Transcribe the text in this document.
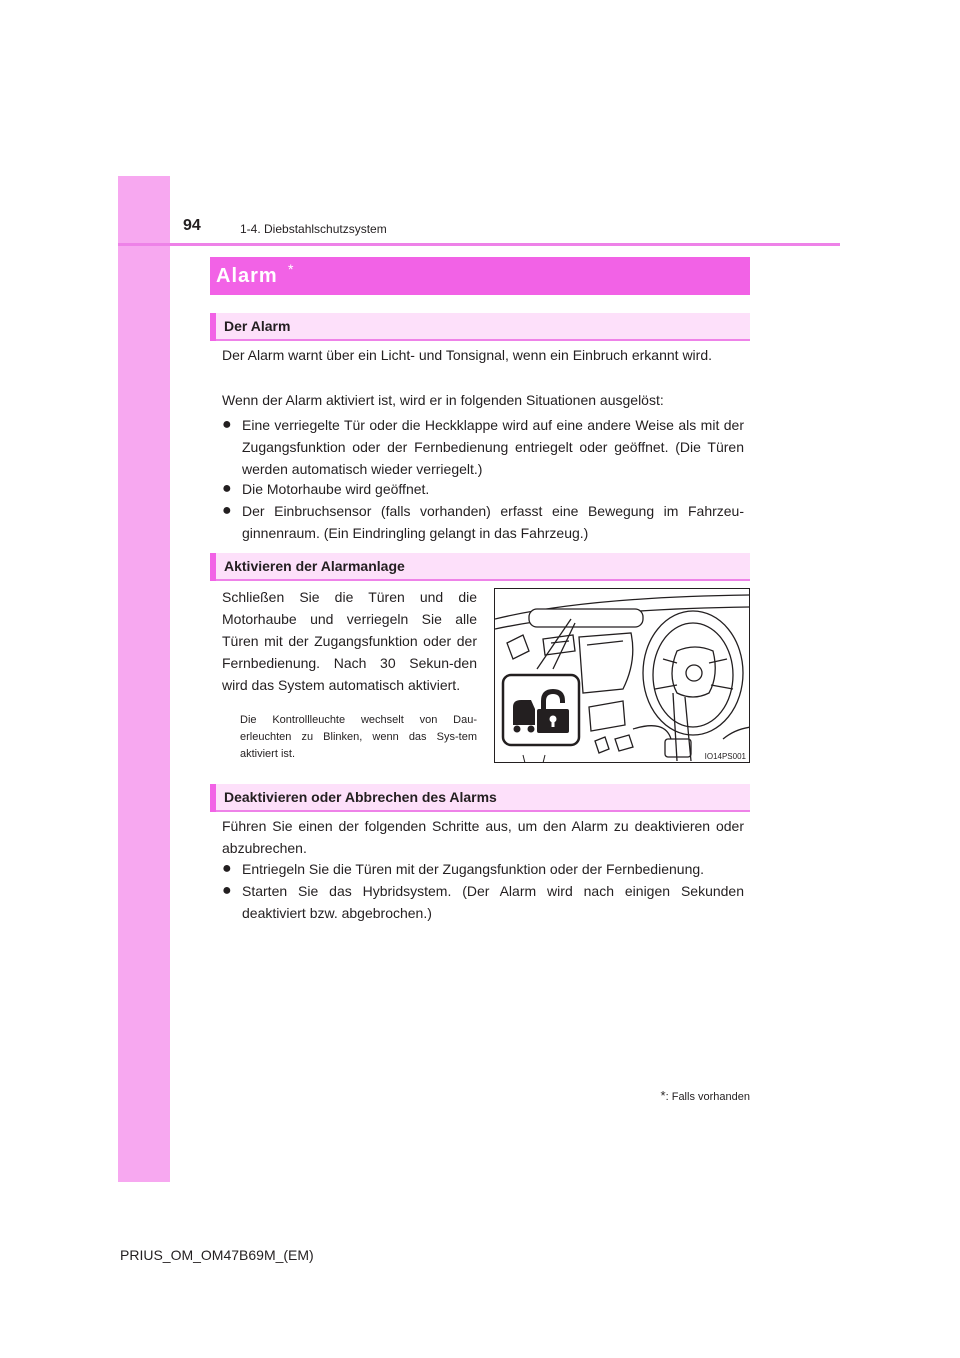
94	1-4. Diebstahlschutzsystem
Alarm *
Der Alarm

Der Alarm warnt über ein Licht- und Tonsignal, wenn ein Einbruch erkannt wird.

Wenn der Alarm aktiviert ist, wird er in folgenden Situationen ausgelöst:

● Eine verriegelte Tür oder die Heckklappe wird auf eine andere Weise als mit der Zugangsfunktion oder der Fernbedienung entriegelt oder geöffnet. (Die Türen werden automatisch wieder verriegelt.)
● Die Motorhaube wird geöffnet.
● Der Einbruchsensor (falls vorhanden) erfasst eine Bewegung im Fahrzeu-ginnenraum. (Ein Eindringling gelangt in das Fahrzeug.)
Aktivieren der Alarmanlage
Schließen Sie die Türen und die Motorhaube und verriegeln Sie alle Türen mit der Zugangsfunktion oder der Fernbedienung. Nach 30 Sekun-den wird das System automatisch aktiviert.
Die Kontrollleuchte wechselt von Dau-erleuchten zu Blinken, wenn das Sys-tem aktiviert ist.	IO14PS001
Deaktivieren oder Abbrechen des Alarms

Führen Sie einen der folgenden Schritte aus, um den Alarm zu deaktivieren oder abzubrechen.

● Entriegeln Sie die Türen mit der Zugangsfunktion oder der Fernbedienung.
● Starten Sie das Hybridsystem. (Der Alarm wird nach einigen Sekunden deaktiviert bzw. abgebrochen.)
*: Falls vorhanden
PRIUS_OM_OM47B69M_(EM)
